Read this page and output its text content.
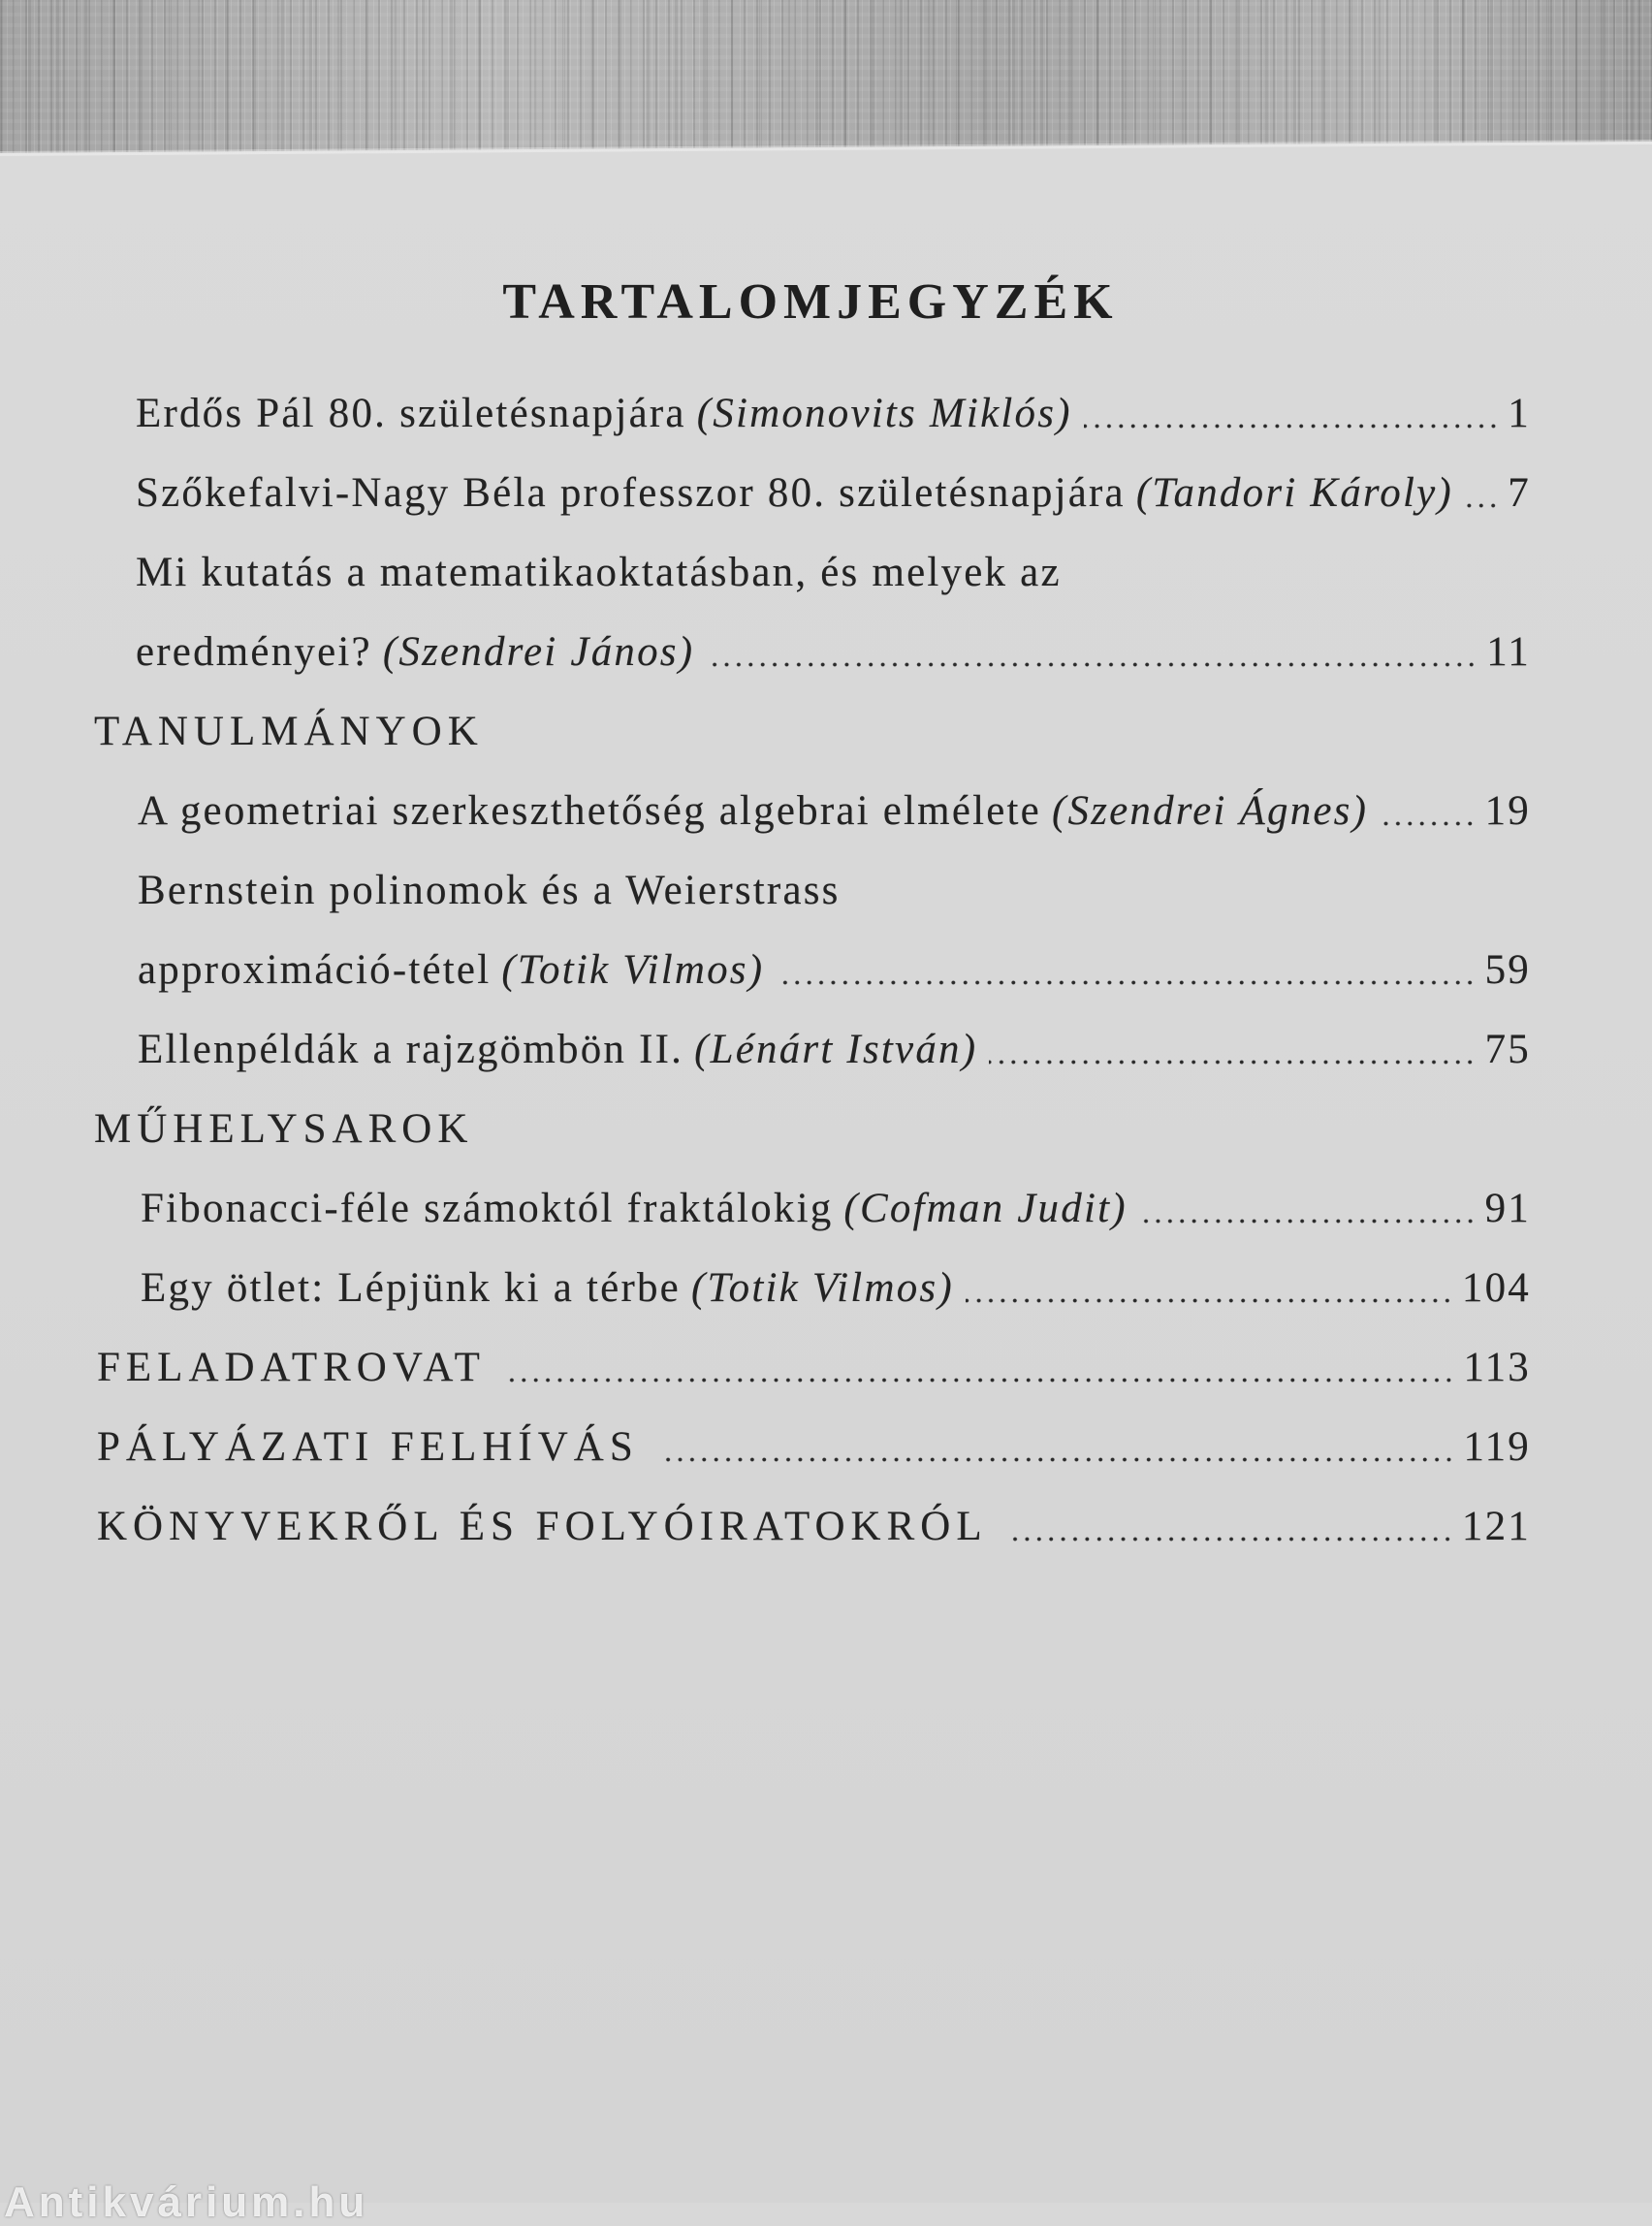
TARTALOMJEGYZÉK
Erdős Pál 80. születésnapjára (Simonovits Miklós)	1
Szőkefalvi-Nagy Béla professzor 80. születésnapjára (Tandori Károly) 7
Mi kutatás a matematikaoktatásban, és melyek az
eredményei? (Szendrei János)	11
TANULMÁNYOK
A geometriai szerkeszthetőség algebrai elmélete (Szendrei Ágnes)	19
Bernstein polinomok és a Weierstrass
approximáció-tétel (Totik Vilmos)	59
Ellenpéldák a rajzgömbön II. (Lénárt István)	75
MŰHELYSAROK
Fibonacci-féle számoktól fraktálokig (Cofman Judit)	91
Egy ötlet: Lépjünk ki a térbe (Totik Vilmos)	104
FELADATROVAT	113
PÁLYÁZATI FELHÍVÁS	119
KÖNYVEKRŐL ÉS FOLYÓIRATOKRÓL	121
Antikvárium.hu
